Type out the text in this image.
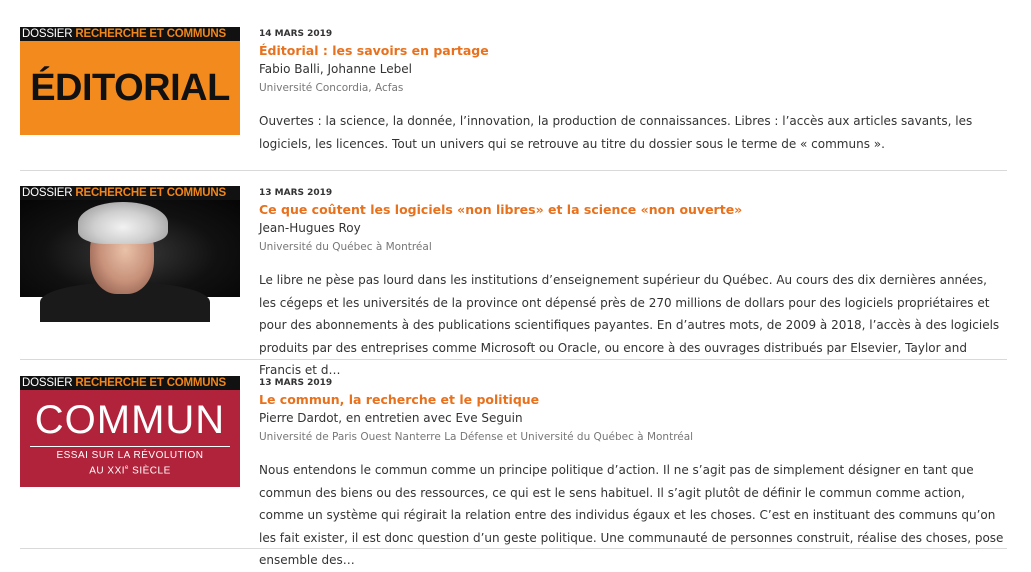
DOSSIER RECHERCHE ET COMMUNS
ÉDITORIAL
14 MARS 2019
Éditorial : les savoirs en partage
Fabio Balli, Johanne Lebel
Université Concordia, Acfas

Ouvertes : la science, la donnée, l’innovation, la production de connaissances. Libres : l’accès aux articles savants, les logiciels, les licences. Tout un univers qui se retrouve au titre du dossier sous le terme de « communs ».

DOSSIER RECHERCHE ET COMMUNS	13 MARS 2019
Ce que coûtent les logiciels «non libres» et la science «non ouverte»
Jean-Hugues Roy
Université du Québec à Montréal

Le libre ne pèse pas lourd dans les institutions d’enseignement supérieur du Québec. Au cours des dix dernières années, les cégeps et les universités de la province ont dépensé près de 270 millions de dollars pour des logiciels propriétaires et pour des abonnements à des publications scientifiques payantes. En d’autres mots, de 2009 à 2018, l’accès à des logiciels produits par des entreprises comme Microsoft ou Oracle, ou encore à des ouvrages distribués par Elsevier, Taylor and Francis et d…

DOSSIER RECHERCHE ET COMMUNS
COMMUN
ESSAI SUR LA RÉVOLUTION
AU XXIe SIÈCLE
13 MARS 2019
Le commun, la recherche et le politique
Pierre Dardot, en entretien avec Eve Seguin
Université de Paris Ouest Nanterre La Défense et Université du Québec à Montréal

Nous entendons le commun comme un principe politique d’action. Il ne s’agit pas de simplement désigner en tant que commun des biens ou des ressources, ce qui est le sens habituel. Il s’agit plutôt de définir le commun comme action, comme un système qui régirait la relation entre des individus égaux et les choses. C’est en instituant des communs qu’on les fait exister, il est donc question d’un geste politique. Une communauté de personnes construit, réalise des choses, pose ensemble des…
